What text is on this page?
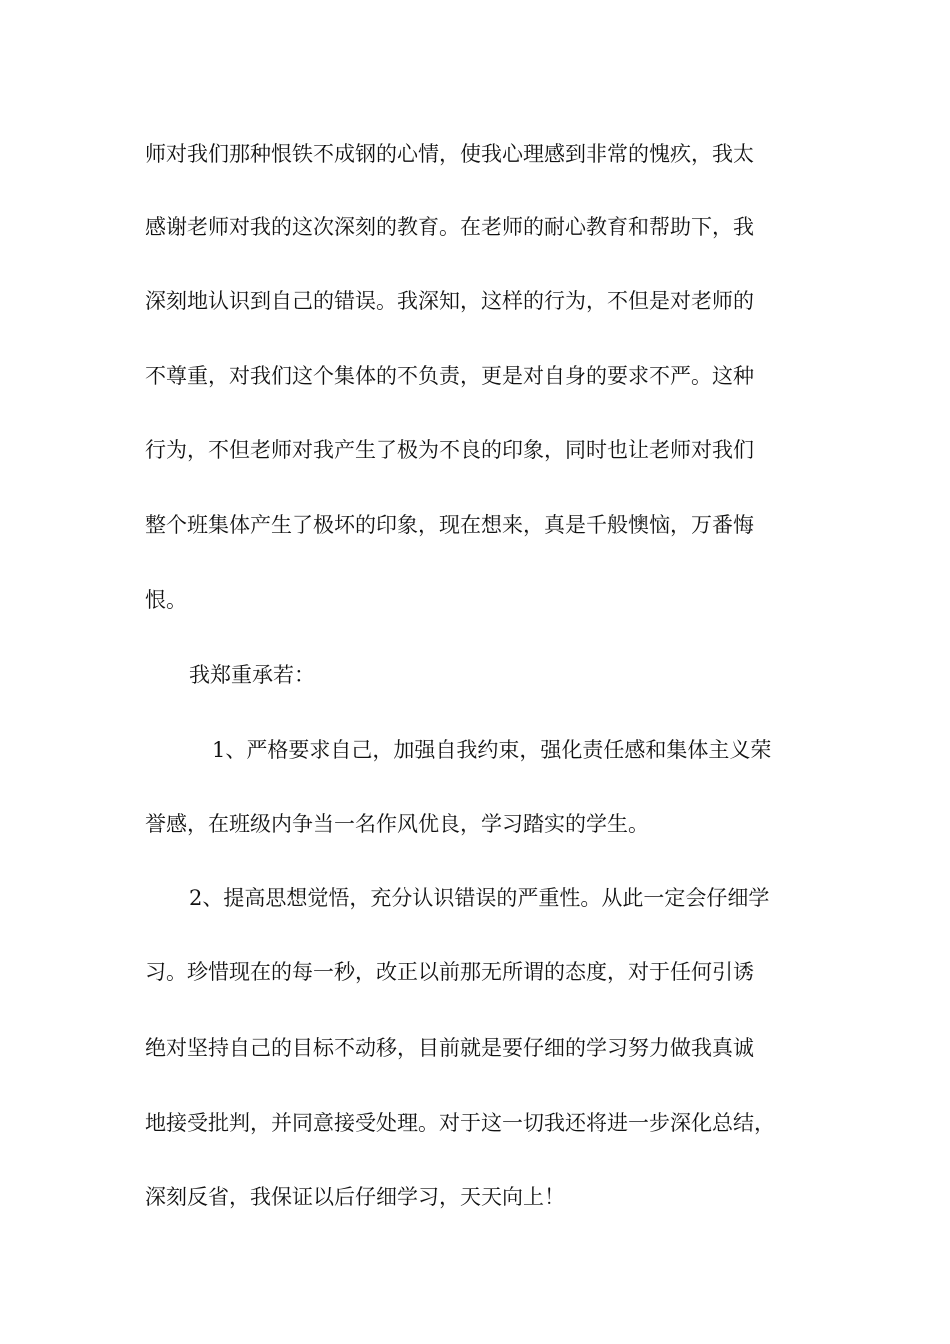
师对我们那种恨铁不成钢的心情，使我心理感到非常的愧疚，我太

感谢老师对我的这次深刻的教育。在老师的耐心教育和帮助下，我

深刻地认识到自己的错误。我深知，这样的行为，不但是对老师的

不尊重，对我们这个集体的不负责，更是对自身的要求不严。这种

行为，不但老师对我产生了极为不良的印象，同时也让老师对我们

整个班集体产生了极坏的印象，现在想来，真是千般懊恼，万番悔

恨。

我郑重承若：

1、严格要求自己，加强自我约束，强化责任感和集体主义荣

誉感，在班级内争当一名作风优良，学习踏实的学生。

2、提高思想觉悟，充分认识错误的严重性。从此一定会仔细学

习。珍惜现在的每一秒，改正以前那无所谓的态度，对于任何引诱

绝对坚持自己的目标不动移，目前就是要仔细的学习努力做我真诚

地接受批判，并同意接受处理。对于这一切我还将进一步深化总结，

深刻反省，我保证以后仔细学习，天天向上！
